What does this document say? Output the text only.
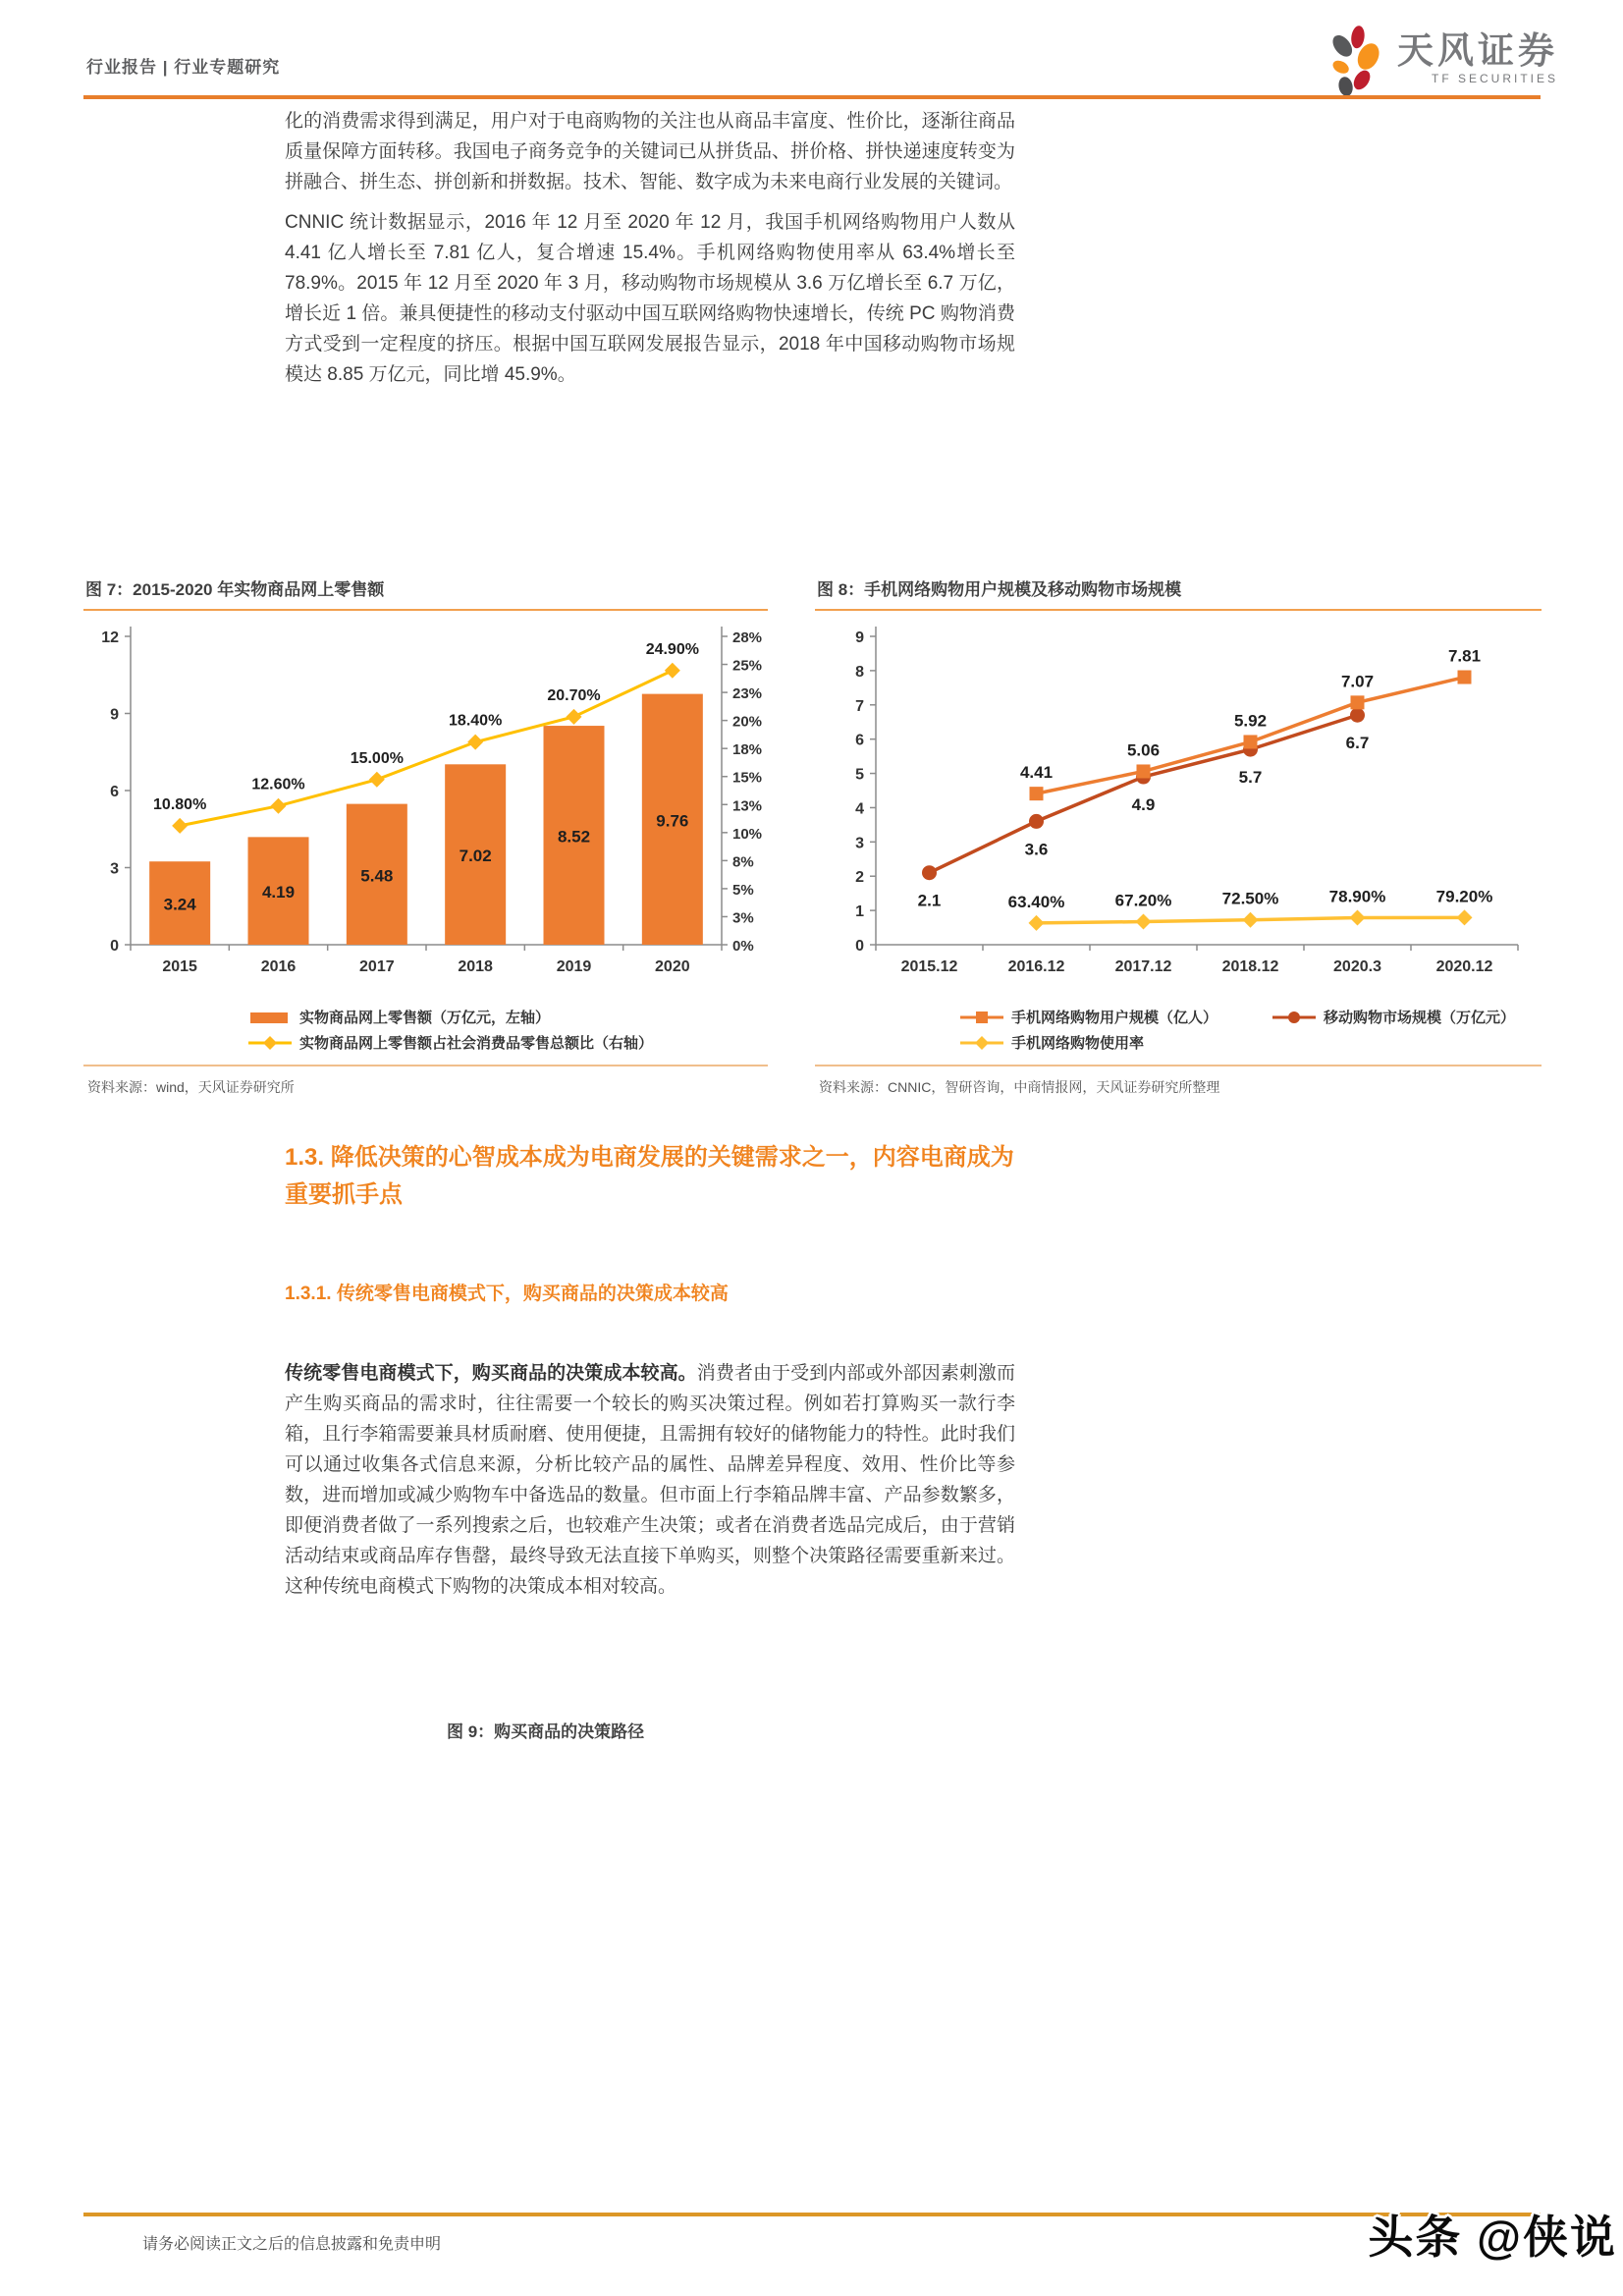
行业报告 | 行业专题研究	天风证券
TF SECURITIES
化的消费需求得到满足，用户对于电商购物的关注也从商品丰富度、性价比，逐渐往商品质量保障方面转移。我国电子商务竞争的关键词已从拼货品、拼价格、拼快递速度转变为拼融合、拼生态、拼创新和拼数据。技术、智能、数字成为未来电商行业发展的关键词。
CNNIC 统计数据显示，2016 年 12 月至 2020 年 12 月，我国手机网络购物用户人数从 4.41 亿人增长至 7.81 亿人，复合增速 15.4%。手机网络购物使用率从 63.4%增长至 78.9%。2015 年 12 月至 2020 年 3 月，移动购物市场规模从 3.6 万亿增长至 6.7 万亿，增长近 1 倍。兼具便捷性的移动支付驱动中国互联网络购物快速增长，传统 PC 购物消费方式受到一定程度的挤压。根据中国互联网发展报告显示，2018 年中国移动购物市场规模达 8.85 万亿元，同比增 45.9%。
图 7：2015-2020 年实物商品网上零售额
0
3
6
9
12
0%
3%
5%
8%
10%
13%
15%
18%
20%
23%
25%
28%
3.24
2015
4.19
2016
5.48
2017
7.02
2018
8.52
2019
9.76
2020
10.80%
12.60%
15.00%
18.40%
20.70%
24.90%
实物商品网上零售额（万亿元，左轴）
实物商品网上零售额占社会消费品零售总额比（右轴）
资料来源：wind，天风证券研究所
图 8：手机网络购物用户规模及移动购物市场规模
0
1
2
3
4
5
6
7
8
9
2015.12	2016.12	2017.12	2018.12	2020.3	2020.12
2.1
3.6
4.9
5.7
6.7
4.41
5.06
5.92
7.07
7.81
63.40%	67.20%	72.50%	78.90%	79.20%
手机网络购物用户规模（亿人）	移动购物市场规模（万亿元）
手机网络购物使用率
资料来源：CNNIC，智研咨询，中商情报网，天风证券研究所整理
1.3. 降低决策的心智成本成为电商发展的关键需求之一，内容电商成为重要抓手点
1.3.1. 传统零售电商模式下，购买商品的决策成本较高
传统零售电商模式下，购买商品的决策成本较高。消费者由于受到内部或外部因素刺激而产生购买商品的需求时，往往需要一个较长的购买决策过程。例如若打算购买一款行李箱，且行李箱需要兼具材质耐磨、使用便捷，且需拥有较好的储物能力的特性。此时我们可以通过收集各式信息来源，分析比较产品的属性、品牌差异程度、效用、性价比等参数，进而增加或减少购物车中备选品的数量。但市面上行李箱品牌丰富、产品参数繁多，即便消费者做了一系列搜索之后，也较难产生决策；或者在消费者选品完成后，由于营销活动结束或商品库存售罄，最终导致无法直接下单购买，则整个决策路径需要重新来过。这种传统电商模式下购物的决策成本相对较高。
图 9：购买商品的决策路径
请务必阅读正文之后的信息披露和免责申明	头条 @侠说
